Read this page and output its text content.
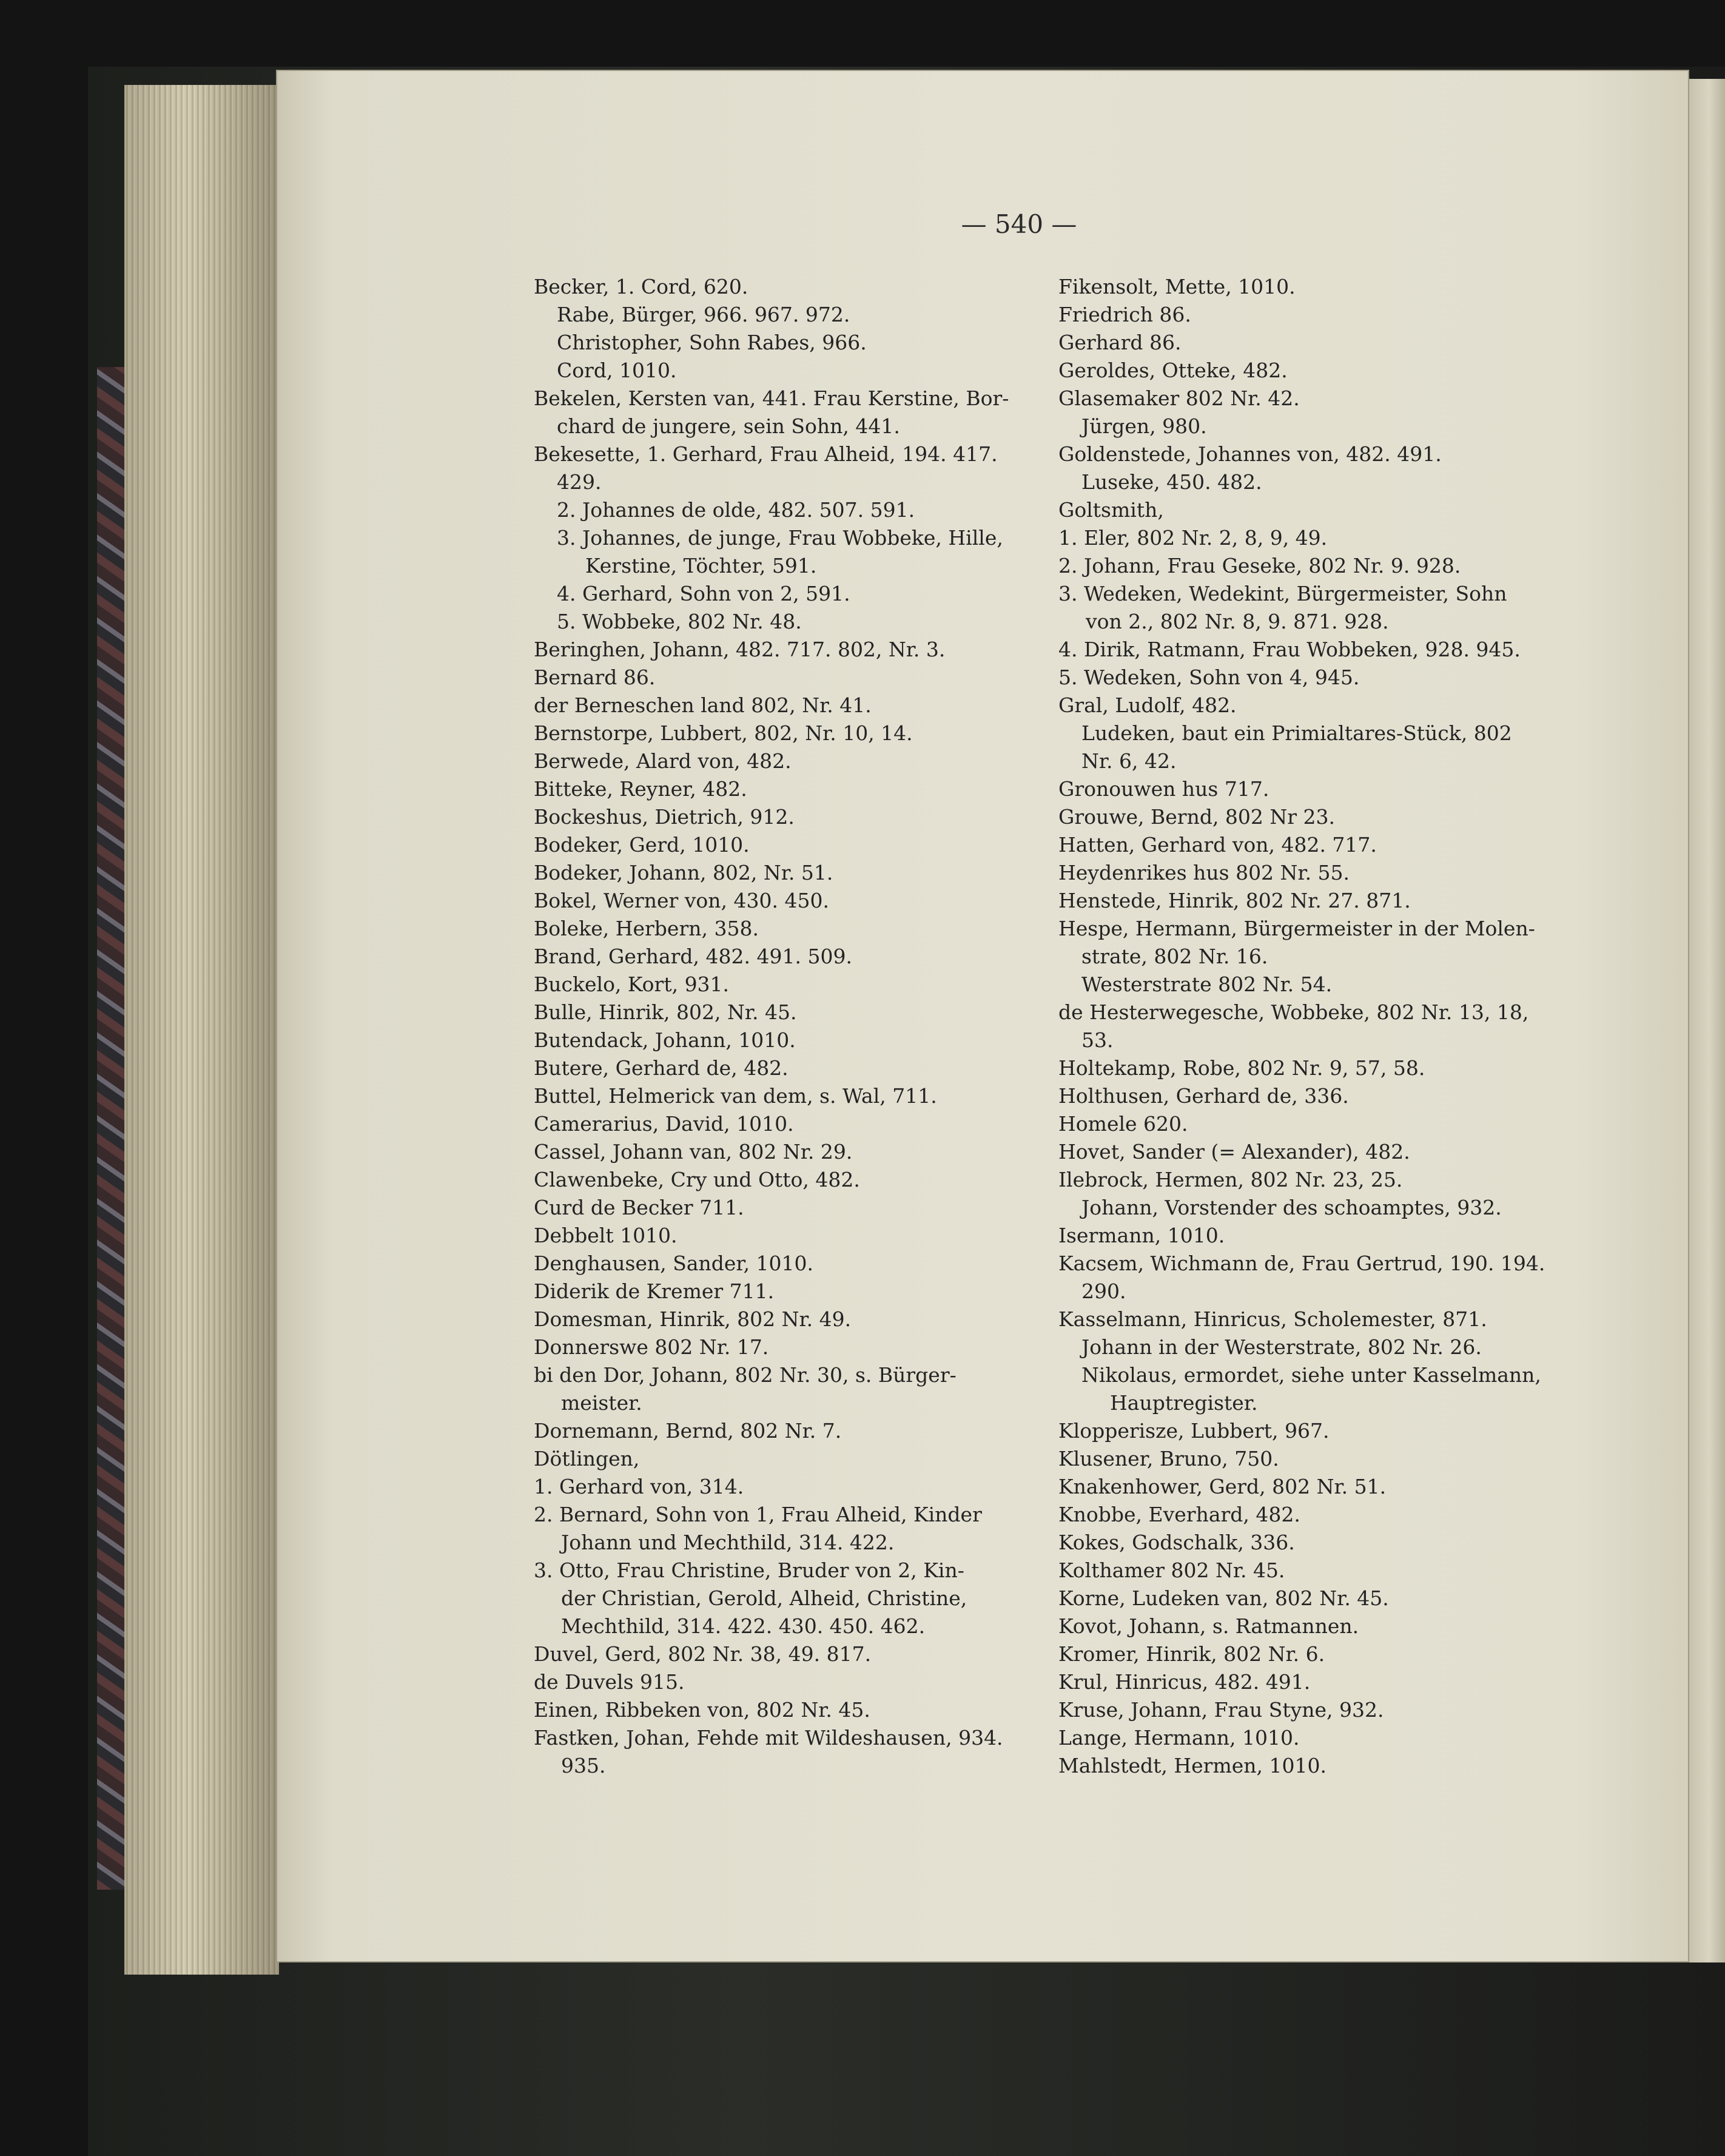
— 540 —
Becker, 1. Cord, 620.
Rabe, Bürger, 966. 967. 972.
Christopher, Sohn Rabes, 966.
Cord, 1010.
Bekelen, Kersten van, 441. Frau Kerstine, Bor-
chard de jungere, sein Sohn, 441.
Bekesette, 1. Gerhard, Frau Alheid, 194. 417.
429.
2. Johannes de olde, 482. 507. 591.
3. Johannes, de junge, Frau Wobbeke, Hille,
Kerstine, Töchter, 591.
4. Gerhard, Sohn von 2, 591.
5. Wobbeke, 802 Nr. 48.
Beringhen, Johann, 482. 717. 802, Nr. 3.
Bernard 86.
der Berneschen land 802, Nr. 41.
Bernstorpe, Lubbert, 802, Nr. 10, 14.
Berwede, Alard von, 482.
Bitteke, Reyner, 482.
Bockeshus, Dietrich, 912.
Bodeker, Gerd, 1010.
Bodeker, Johann, 802, Nr. 51.
Bokel, Werner von, 430. 450.
Boleke, Herbern, 358.
Brand, Gerhard, 482. 491. 509.
Buckelo, Kort, 931.
Bulle, Hinrik, 802, Nr. 45.
Butendack, Johann, 1010.
Butere, Gerhard de, 482.
Buttel, Helmerick van dem, s. Wal, 711.
Camerarius, David, 1010.
Cassel, Johann van, 802 Nr. 29.
Clawenbeke, Cry und Otto, 482.
Curd de Becker 711.
Debbelt 1010.
Denghausen, Sander, 1010.
Diderik de Kremer 711.
Domesman, Hinrik, 802 Nr. 49.
Donnerswe 802 Nr. 17.
bi den Dor, Johann, 802 Nr. 30, s. Bürger-
meister.
Dornemann, Bernd, 802 Nr. 7.
Dötlingen,
1. Gerhard von, 314.
2. Bernard, Sohn von 1, Frau Alheid, Kinder
Johann und Mechthild, 314. 422.
3. Otto, Frau Christine, Bruder von 2, Kin-
der Christian, Gerold, Alheid, Christine,
Mechthild, 314. 422. 430. 450. 462.
Duvel, Gerd, 802 Nr. 38, 49. 817.
de Duvels 915.
Einen, Ribbeken von, 802 Nr. 45.
Fastken, Johan, Fehde mit Wildeshausen, 934.
935.
Fikensolt, Mette, 1010.
Friedrich 86.
Gerhard 86.
Geroldes, Otteke, 482.
Glasemaker 802 Nr. 42.
Jürgen, 980.
Goldenstede, Johannes von, 482. 491.
Luseke, 450. 482.
Goltsmith,
1. Eler, 802 Nr. 2, 8, 9, 49.
2. Johann, Frau Geseke, 802 Nr. 9. 928.
3. Wedeken, Wedekint, Bürgermeister, Sohn
von 2., 802 Nr. 8, 9. 871. 928.
4. Dirik, Ratmann, Frau Wobbeken, 928. 945.
5. Wedeken, Sohn von 4, 945.
Gral, Ludolf, 482.
Ludeken, baut ein Primialtares-Stück, 802
Nr. 6, 42.
Gronouwen hus 717.
Grouwe, Bernd, 802 Nr 23.
Hatten, Gerhard von, 482. 717.
Heydenrikes hus 802 Nr. 55.
Henstede, Hinrik, 802 Nr. 27. 871.
Hespe, Hermann, Bürgermeister in der Molen-
strate, 802 Nr. 16.
Westerstrate 802 Nr. 54.
de Hesterwegesche, Wobbeke, 802 Nr. 13, 18,
53.
Holtekamp, Robe, 802 Nr. 9, 57, 58.
Holthusen, Gerhard de, 336.
Homele 620.
Hovet, Sander (= Alexander), 482.
Ilebrock, Hermen, 802 Nr. 23, 25.
Johann, Vorstender des schoamptes, 932.
Isermann, 1010.
Kacsem, Wichmann de, Frau Gertrud, 190. 194.
290.
Kasselmann, Hinricus, Scholemester, 871.
Johann in der Westerstrate, 802 Nr. 26.
Nikolaus, ermordet, siehe unter Kasselmann,
Hauptregister.
Klopperisze, Lubbert, 967.
Klusener, Bruno, 750.
Knakenhower, Gerd, 802 Nr. 51.
Knobbe, Everhard, 482.
Kokes, Godschalk, 336.
Kolthamer 802 Nr. 45.
Korne, Ludeken van, 802 Nr. 45.
Kovot, Johann, s. Ratmannen.
Kromer, Hinrik, 802 Nr. 6.
Krul, Hinricus, 482. 491.
Kruse, Johann, Frau Styne, 932.
Lange, Hermann, 1010.
Mahlstedt, Hermen, 1010.
